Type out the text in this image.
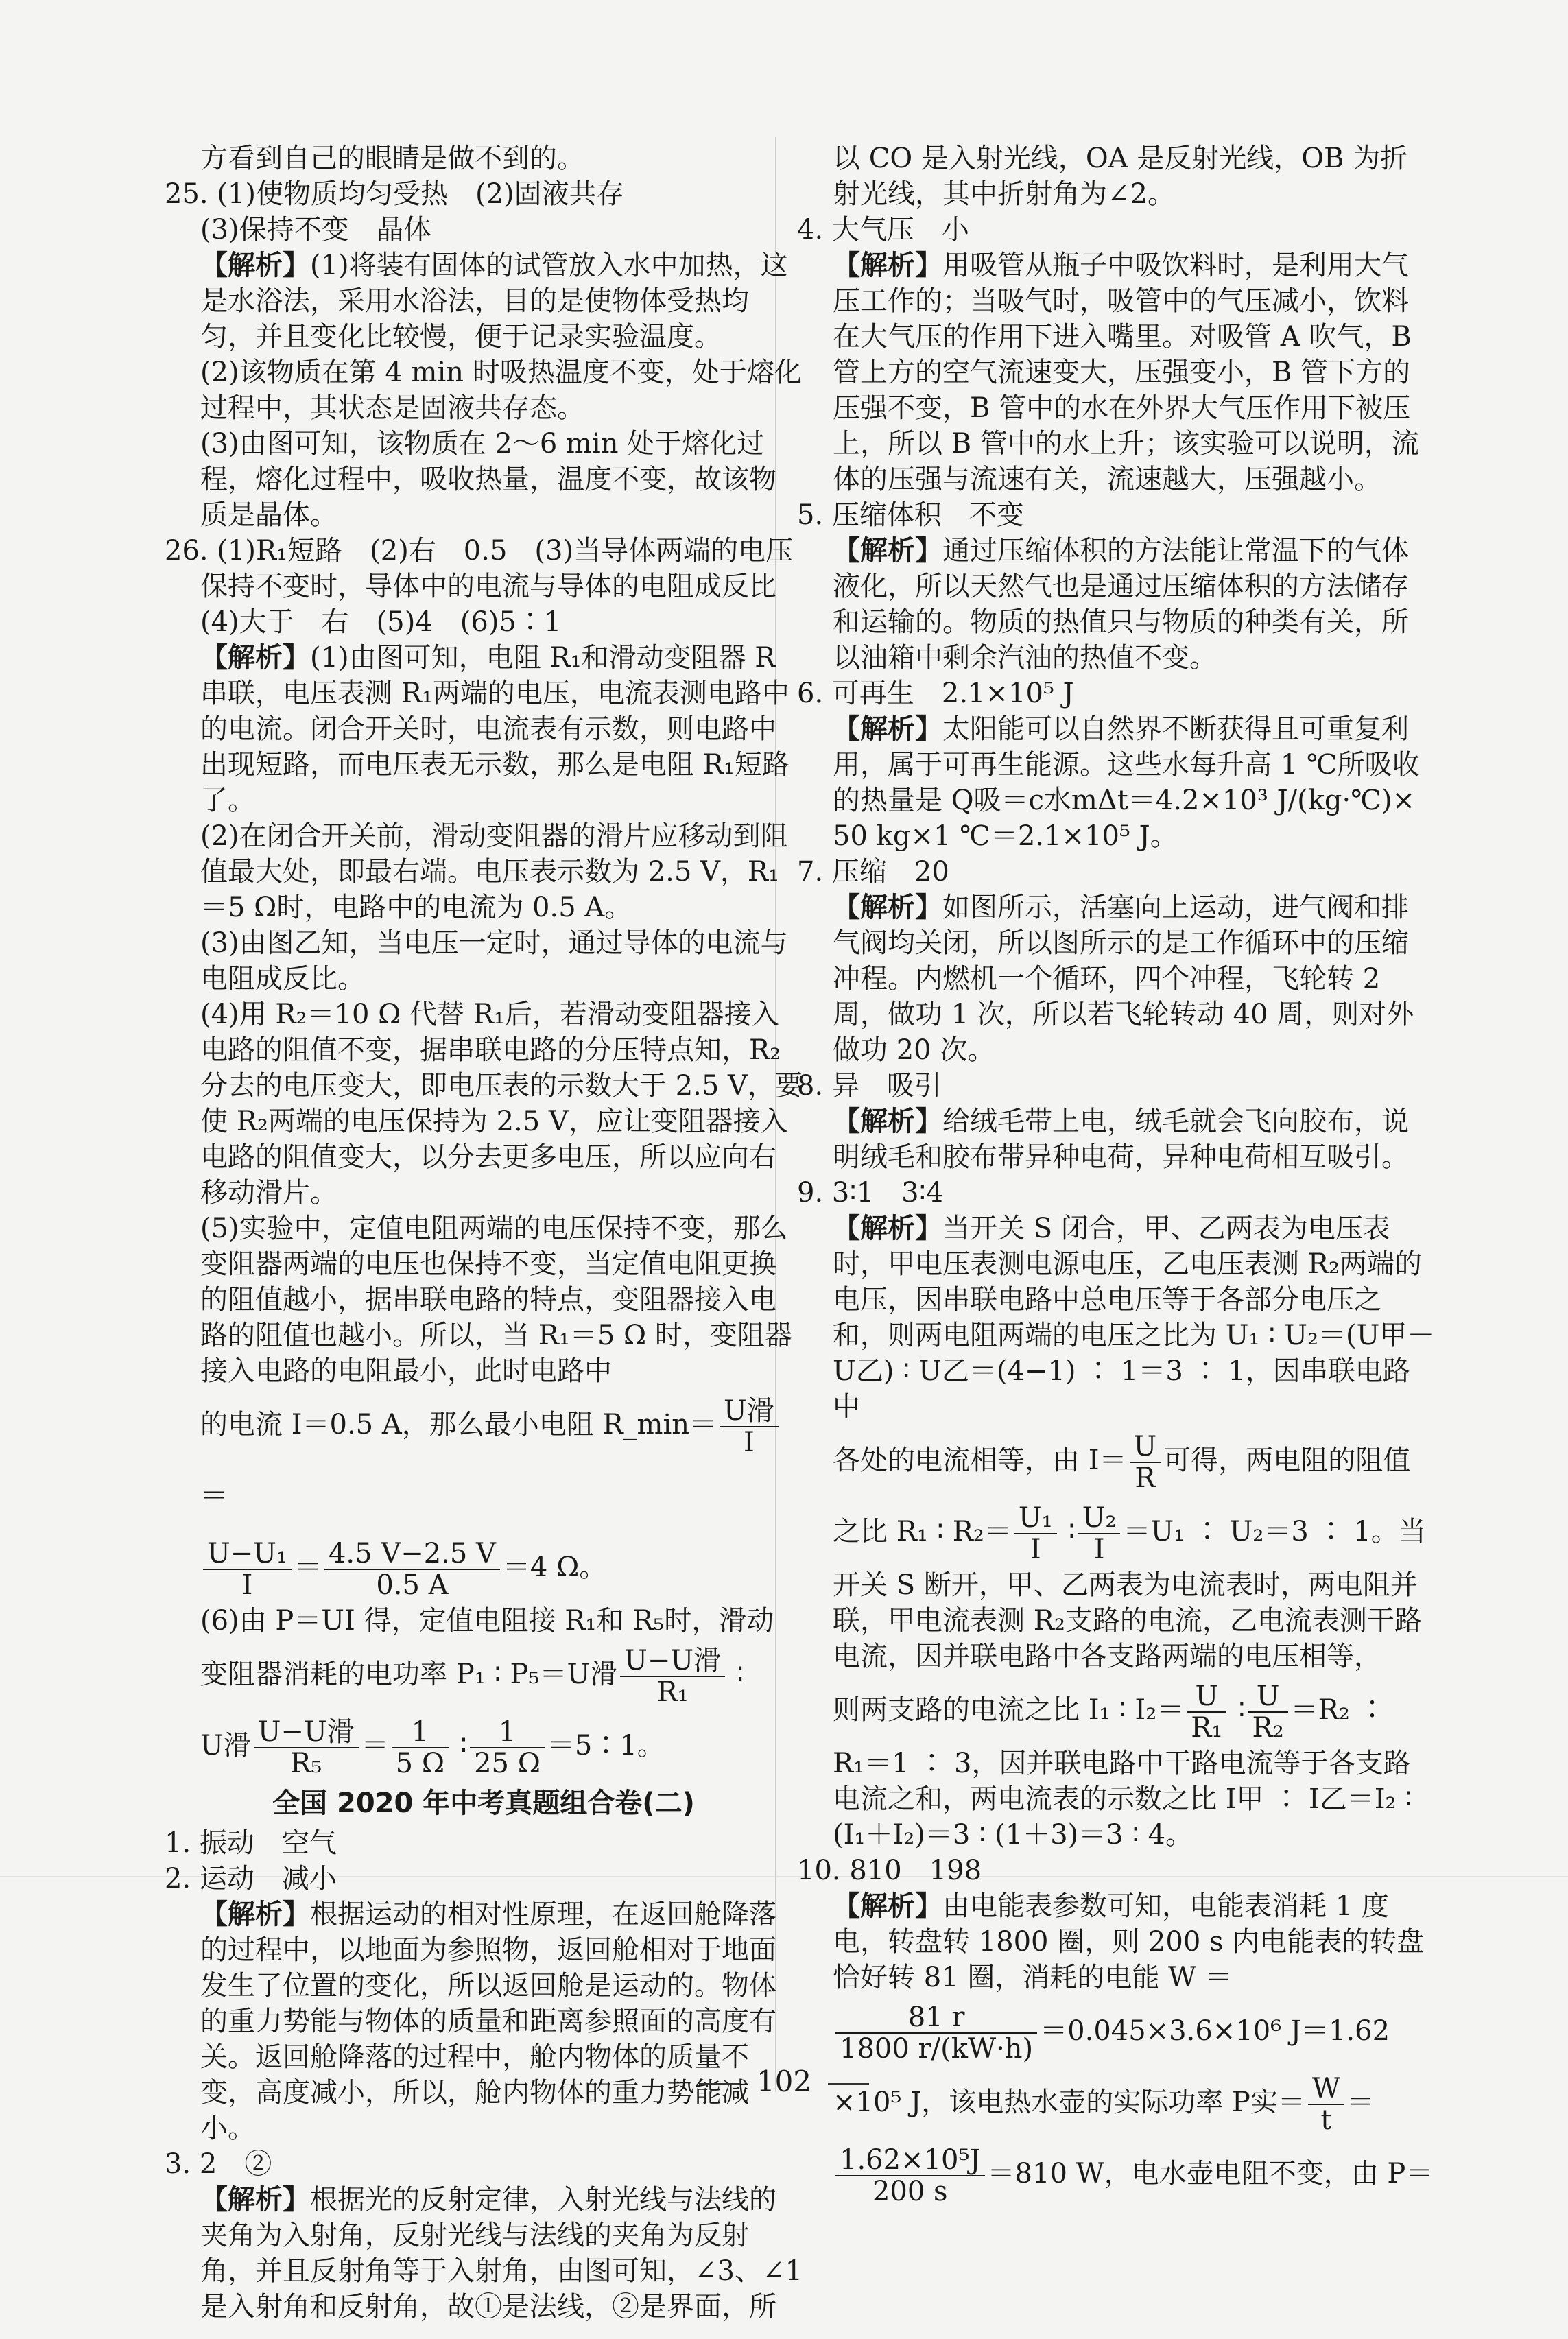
方看到自己的眼睛是做不到的。
25. (1)使物质均匀受热　(2)固液共存
(3)保持不变　晶体
【解析】(1)将装有固体的试管放入水中加热，这是水浴法，采用水浴法，目的是使物体受热均匀，并且变化比较慢，便于记录实验温度。
(2)该物质在第 4 min 时吸热温度不变，处于熔化过程中，其状态是固液共存态。
(3)由图可知，该物质在 2～6 min 处于熔化过程，熔化过程中，吸收热量，温度不变，故该物质是晶体。
26. (1)R₁短路　(2)右　0.5　(3)当导体两端的电压保持不变时，导体中的电流与导体的电阻成反比　(4)大于　右　(5)4　(6)5∶1
【解析】(1)由图可知，电阻 R₁和滑动变阻器 R 串联，电压表测 R₁两端的电压，电流表测电路中的电流。闭合开关时，电流表有示数，则电路中出现短路，而电压表无示数，那么是电阻 R₁短路了。
(2)在闭合开关前，滑动变阻器的滑片应移动到阻值最大处，即最右端。电压表示数为 2.5 V，R₁＝5 Ω时，电路中的电流为 0.5 A。
(3)由图乙知，当电压一定时，通过导体的电流与电阻成反比。
(4)用 R₂＝10 Ω 代替 R₁后，若滑动变阻器接入电路的阻值不变，据串联电路的分压特点知，R₂分去的电压变大，即电压表的示数大于 2.5 V，要使 R₂两端的电压保持为 2.5 V，应让变阻器接入电路的阻值变大，以分去更多电压，所以应向右移动滑片。
(5)实验中，定值电阻两端的电压保持不变，那么变阻器两端的电压也保持不变，当定值电阻更换的阻值越小，据串联电路的特点，变阻器接入电路的阻值也越小。所以，当 R₁＝5 Ω 时，变阻器接入电路的电阻最小，此时电路中
的电流 I＝0.5 A，那么最小电阻 R_min＝ $\frac{\text{U滑}}{I}$
＝
$\frac{\text{U−U₁}}{I} = \frac{4.5 V-2.5 V}{0.5 A} =4$ Ω。
(6)由 P＝UI 得，定值电阻接 R₁和 R₅时，滑动
变阻器消耗的电功率 P₁ ∶ P₅＝U滑 $\frac{\text{U−U滑}}{\text{R₁}}$ ∶
U滑 $\frac{\text{U−U滑}}{\text{R₅}} = \frac{1}{5 \Omega}$ ∶ $\frac{1}{25 \Omega}$ ＝5∶1。
全国 2020 年中考真题组合卷(二)
1. 振动　空气
2. 运动　减小
【解析】根据运动的相对性原理，在返回舱降落的过程中，以地面为参照物，返回舱相对于地面发生了位置的变化，所以返回舱是运动的。物体的重力势能与物体的质量和距离参照面的高度有关。返回舱降落的过程中，舱内物体的质量不变，高度减小，所以，舱内物体的重力势能减小。
3. 2　②
【解析】根据光的反射定律，入射光线与法线的夹角为入射角，反射光线与法线的夹角为反射角，并且反射角等于入射角，由图可知，∠3、∠1 是入射角和反射角，故①是法线，②是界面，所
以 CO 是入射光线，OA 是反射光线，OB 为折射光线，其中折射角为∠2。
4. 大气压　小
【解析】用吸管从瓶子中吸饮料时，是利用大气压工作的；当吸气时，吸管中的气压减小，饮料在大气压的作用下进入嘴里。对吸管 A 吹气，B 管上方的空气流速变大，压强变小，B 管下方的压强不变，B 管中的水在外界大气压作用下被压上，所以 B 管中的水上升；该实验可以说明，流体的压强与流速有关，流速越大，压强越小。
5. 压缩体积　不变
【解析】通过压缩体积的方法能让常温下的气体液化，所以天然气也是通过压缩体积的方法储存和运输的。物质的热值只与物质的种类有关，所以油箱中剩余汽油的热值不变。
6. 可再生　2.1×10⁵ J
【解析】太阳能可以自然界不断获得且可重复利用，属于可再生能源。这些水每升高 1 ℃所吸收的热量是 Q吸＝c水mΔt＝4.2×10³ J/(kg·℃)× 50 kg×1 ℃＝2.1×10⁵ J。
7. 压缩　20
【解析】如图所示，活塞向上运动，进气阀和排气阀均关闭，所以图所示的是工作循环中的压缩冲程。内燃机一个循环，四个冲程，飞轮转 2 周，做功 1 次，所以若飞轮转动 40 周，则对外做功 20 次。
8. 异　吸引
【解析】给绒毛带上电，绒毛就会飞向胶布，说明绒毛和胶布带异种电荷，异种电荷相互吸引。
9. 3∶1　3∶4
【解析】当开关 S 闭合，甲、乙两表为电压表时，甲电压表测电源电压，乙电压表测 R₂两端的电压，因串联电路中总电压等于各部分电压之和，则两电阻两端的电压之比为 U₁ ∶ U₂＝(U甲－U乙) ∶ U乙＝(4−1) ∶ 1＝3 ∶ 1，因串联电路中
各处的电流相等，由 $I= \frac{U}{R}$ 可得，两电阻的阻值
之比 R₁ ∶ $R_2= \frac{\text{U₁}}{I}$ ∶ $\frac{\text{U₂}}{I} =U_1$ ∶ U₂＝3 ∶ 1。当
开关 S 断开，甲、乙两表为电流表时，两电阻并联，甲电流表测 R₂支路的电流，乙电流表测干路电流，因并联电路中各支路两端的电压相等，
则两支路的电流之比 I₁ ∶ $I_2= \frac{U}{\text{R₁}}$ ∶ $\frac{U}{\text{R₂}} =R_2$ ∶
R₁＝1 ∶ 3，因并联电路中干路电流等于各支路电流之和，两电流表的示数之比 I甲 ∶ I乙＝I₂ ∶ (I₁＋I₂)＝3 ∶ (1＋3)＝3 ∶ 4。
10. 810　198
【解析】由电能表参数可知，电能表消耗 1 度电，转盘转 1800 圈，则 200 s 内电能表的转盘恰好转 81 圈，消耗的电能 W ＝
$\frac{81 r}{1800 r/(kW\cdot h)} =0.045\times 3.6\times 10^6$ J＝1.62
×10⁵ J，该电热水壶的实际功率 P实＝ $\frac{W}{t}$ ＝
$\frac{\text{1.62×10⁵J}}{200 s} =810$ W，电水壶电阻不变，由 P＝
102
